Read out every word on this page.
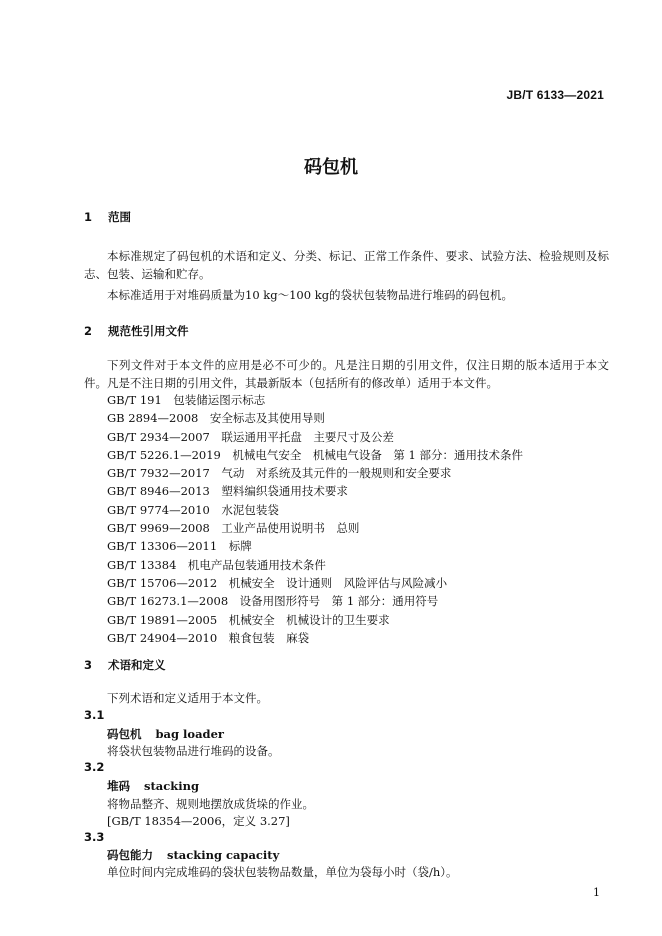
JB/T 6133—2021
码包机
1 范围

本标准规定了码包机的术语和定义、分类、标记、正常工作条件、要求、试验方法、检验规则及标志、包装、运输和贮存。

本标准适用于对堆码质量为10 kg～100 kg的袋状包装物品进行堆码的码包机。

2 规范性引用文件

下列文件对于本文件的应用是必不可少的。凡是注日期的引用文件，仅注日期的版本适用于本文件。凡是不注日期的引用文件，其最新版本（包括所有的修改单）适用于本文件。

GB/T 191　包装储运图示标志
GB 2894—2008　安全标志及其使用导则
GB/T 2934—2007　联运通用平托盘　主要尺寸及公差
GB/T 5226.1—2019　机械电气安全　机械电气设备　第 1 部分：通用技术条件
GB/T 7932—2017　气动　对系统及其元件的一般规则和安全要求
GB/T 8946—2013　塑料编织袋通用技术要求
GB/T 9774—2010　水泥包装袋
GB/T 9969—2008　工业产品使用说明书　总则
GB/T 13306—2011　标牌
GB/T 13384　机电产品包装通用技术条件
GB/T 15706—2012　机械安全　设计通则　风险评估与风险减小
GB/T 16273.1—2008　设备用图形符号　第 1 部分：通用符号
GB/T 19891—2005　机械安全　机械设计的卫生要求
GB/T 24904—2010　粮食包装　麻袋
3 术语和定义
下列术语和定义适用于本文件。
3.1
码包机 bag loader
将袋状包装物品进行堆码的设备。
3.2
堆码 stacking
将物品整齐、规则地摆放成货垛的作业。
[GB/T 18354—2006，定义 3.27]
3.3
码包能力 stacking capacity
单位时间内完成堆码的袋状包装物品数量，单位为袋每小时（袋/h）。
1
